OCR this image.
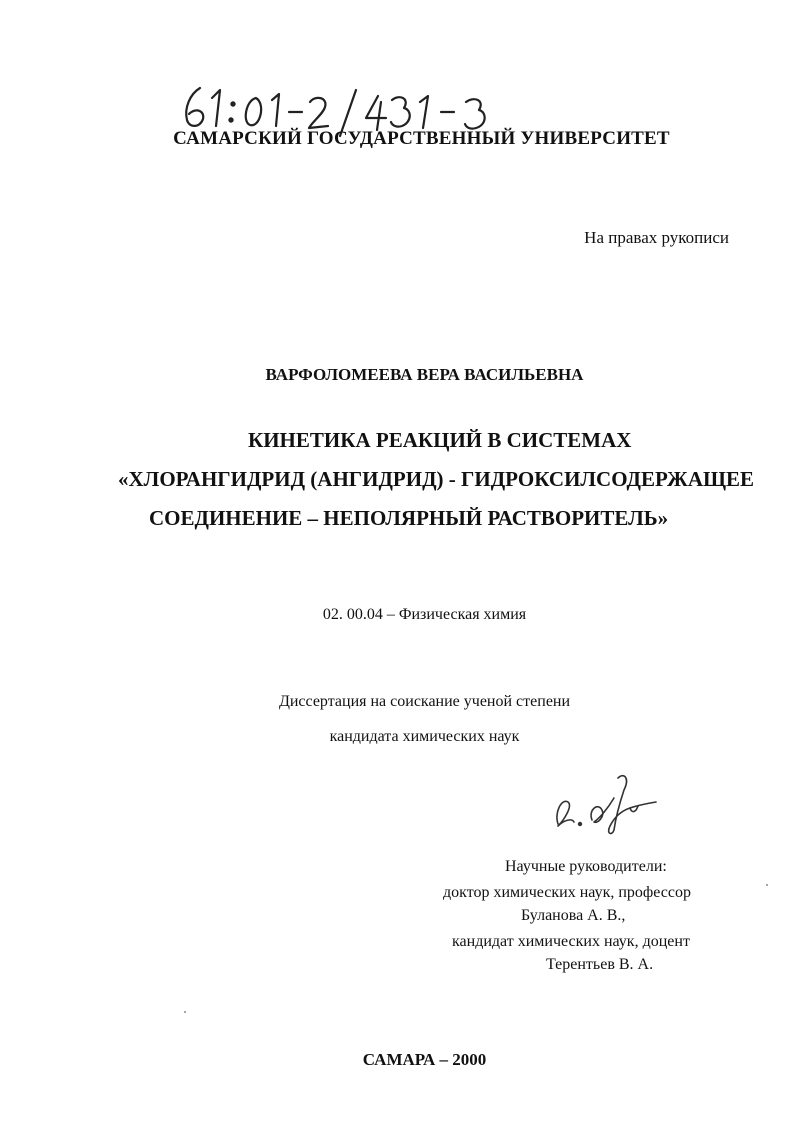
САМАРСКИЙ ГОСУДАРСТВЕННЫЙ УНИВЕРСИТЕТ
На правах рукописи
ВАРФОЛОМЕЕВА ВЕРА ВАСИЛЬЕВНА
КИНЕТИКА РЕАКЦИЙ В СИСТЕМАХ
«ХЛОРАНГИДРИД (АНГИДРИД) - ГИДРОКСИЛСОДЕРЖАЩЕЕ
СОЕДИНЕНИЕ – НЕПОЛЯРНЫЙ РАСТВОРИТЕЛЬ»
02. 00.04 – Физическая химия
Диссертация на соискание ученой степени
кандидата химических наук
Научные руководители:
доктор химических наук, профессор
Буланова А. В.,
кандидат химических наук, доцент
Терентьев В. А.
САМАРА – 2000
